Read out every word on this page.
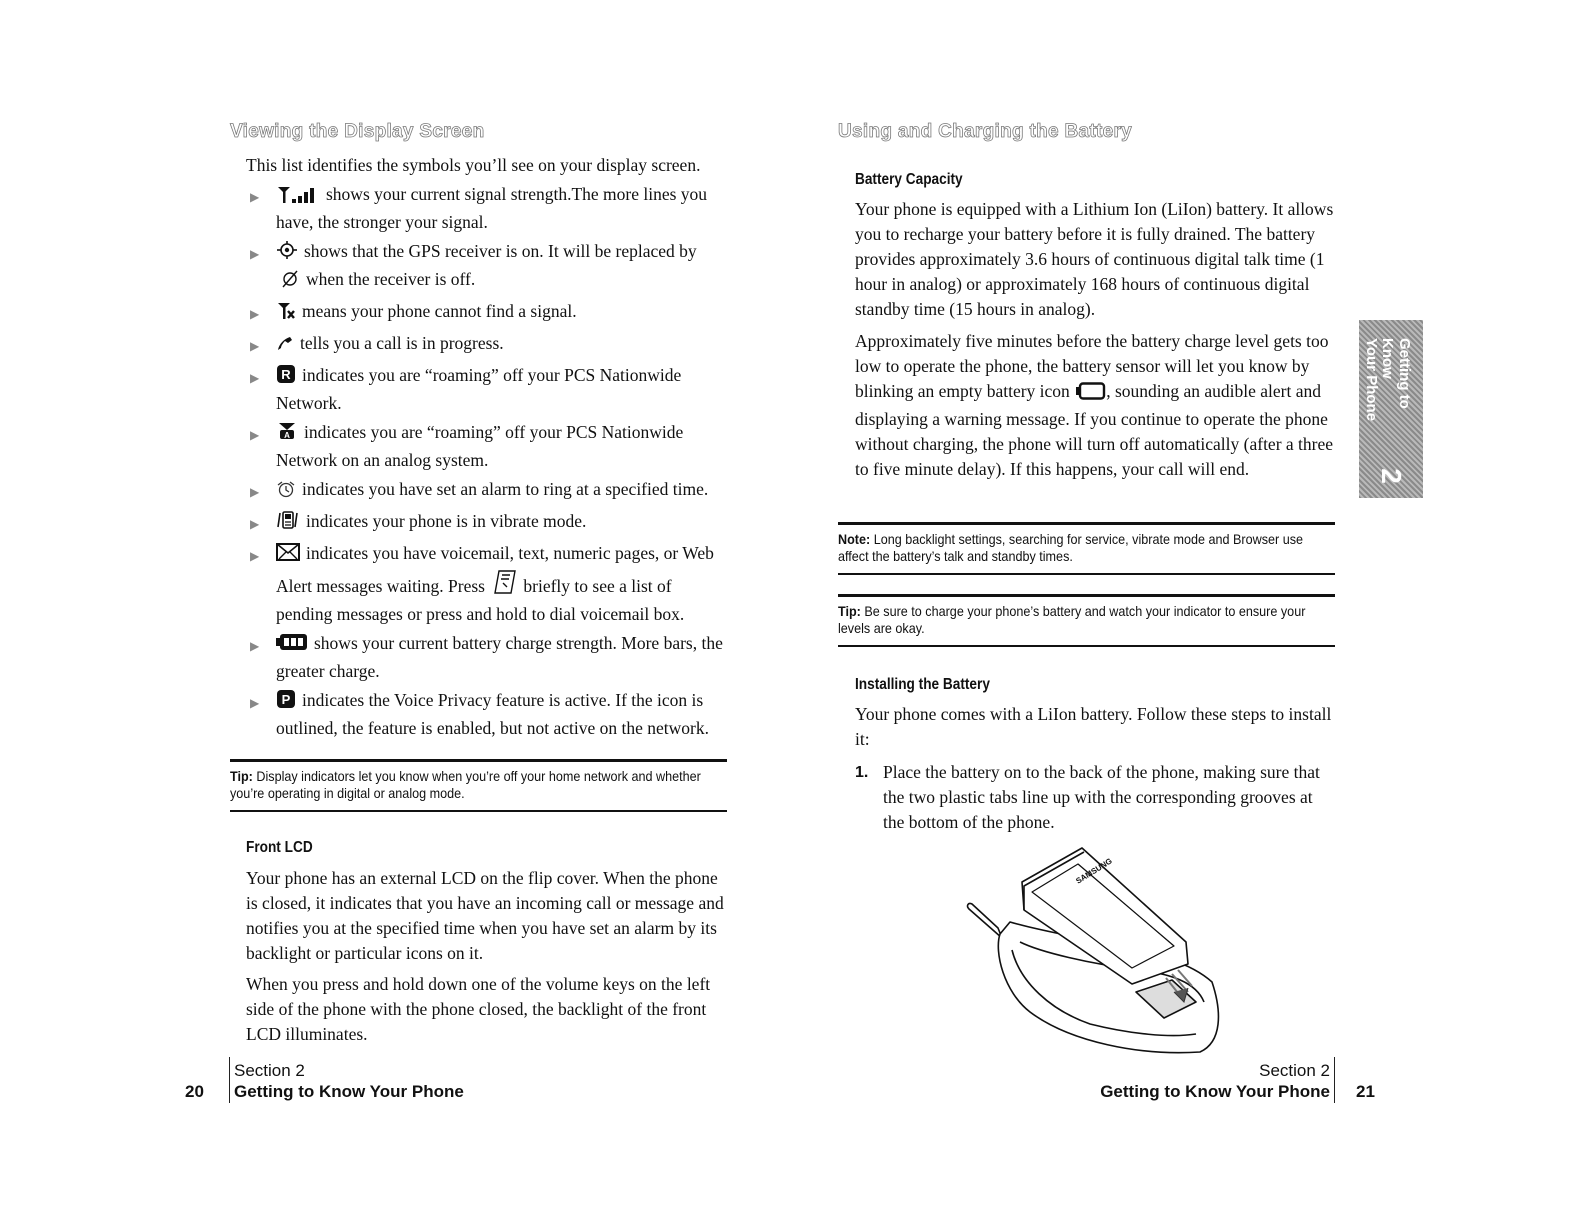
Viewing the Display Screen

This list identifies the symbols you’ll see on your display screen.

▶	shows your current signal strength.The more lines you have, the stronger your signal.
▶	shows that the GPS receiver is on. It will be replaced by when the receiver is off.
▶ means your phone cannot find a signal.
▶ tells you a call is in progress.
▶ R indicates you are “roaming” off your PCS Nationwide Network.
▶	A indicates you are “roaming” off your PCS Nationwide Network on an analog system.
▶ indicates you have set an alarm to ring at a specified time.
▶	indicates your phone is in vibrate mode.
▶	indicates you have voicemail, text, numeric pages, or Web Alert messages waiting. Press briefly to see a list of pending messages or press and hold to dial voicemail box.
▶	shows your current battery charge strength. More bars, the greater charge.
▶ P indicates the Voice Privacy feature is active. If the icon is outlined, the feature is enabled, but not active on the network.
Tip: Display indicators let you know when you’re off your home network and whether you’re operating in digital or analog mode.
Front LCD

Your phone has an external LCD on the flip cover. When the phone is closed, it indicates that you have an incoming call or message and notifies you at the specified time when you have set an alarm by its backlight or particular icons on it.

When you press and hold down one of the volume keys on the left side of the phone with the phone closed, the backlight of the front LCD illuminates.

Section 2
Getting to Know Your Phone
20
Using and Charging the Battery
Battery Capacity

Your phone is equipped with a Lithium Ion (LiIon) battery. It allows you to recharge your battery before it is fully drained. The battery provides approximately 3.6 hours of continuous digital talk time (1 hour in analog) or approximately 168 hours of continuous digital standby time (15 hours in analog).

Approximately five minutes before the battery charge level gets too low to operate the phone, the battery sensor will let you know by blinking an empty battery icon , sounding an audible alert and displaying a warning message. If you continue to operate the phone without charging, the phone will turn off automatically (after a three to five minute delay). If this happens, your call will end.

Note: Long backlight settings, searching for service, vibrate mode and Browser use affect the battery’s talk and standby times.
Tip: Be sure to charge your phone’s battery and watch your indicator to ensure your levels are okay.
Installing the Battery

Your phone comes with a LiIon battery. Follow these steps to install it:

1. Place the battery on to the back of the phone, making sure that the two plastic tabs line up with the corresponding grooves at the bottom of the phone.

SAMSUNG
Getting to Know
Your Phone
2
Section 2
Getting to Know Your Phone 21
